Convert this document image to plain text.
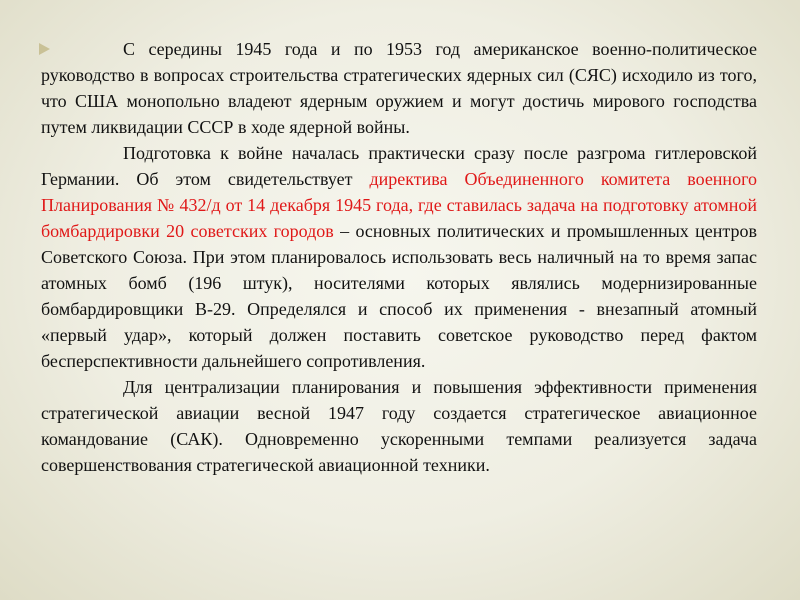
С середины 1945 года и по 1953 год американское военно-политическое руководство в вопросах строительства стратегических ядерных сил (СЯС) исходило из того, что США монопольно владеют ядерным оружием и могут достичь мирового господства путем ликвидации СССР в ходе ядерной войны.

Подготовка к войне началась практически сразу после разгрома гитлеровской Германии. Об этом свидетельствует директива Объединенного комитета военного Планирования № 432/д от 14 декабря 1945 года, где ставилась задача на подготовку атомной бомбардировки 20 советских городов – основных политических и промышленных центров Советского Союза. При этом планировалось использовать весь наличный на то время запас атомных бомб (196 штук), носителями которых являлись модернизированные бомбардировщики B-29. Определялся и способ их применения - внезапный атомный «первый удар», который должен поставить советское руководство перед фактом бесперспективности дальнейшего сопротивления.

Для централизации планирования и повышения эффективности применения стратегической авиации весной 1947 году создается стратегическое авиационное командование (САК). Одновременно ускоренными темпами реализуется задача совершенствования стратегической авиационной техники.
